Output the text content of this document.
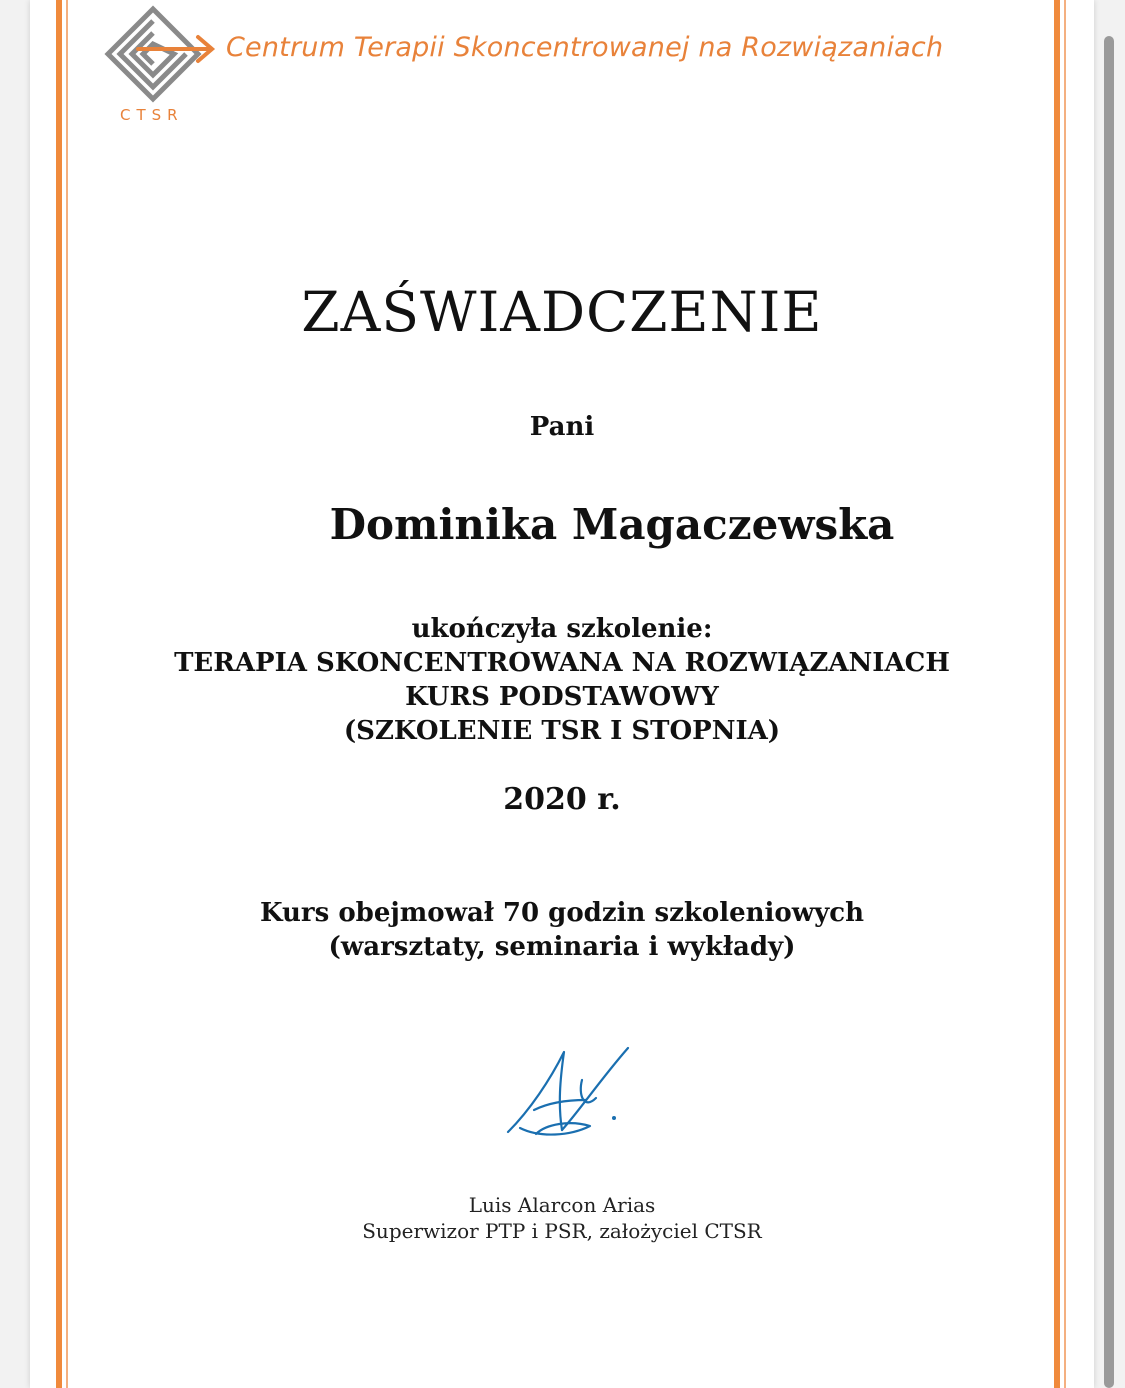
CTSR
Centrum Terapii Skoncentrowanej na Rozwiązaniach
ZAŚWIADCZENIE
Pani
Dominika Magaczewska
ukończyła szkolenie:
TERAPIA SKONCENTROWANA NA ROZWIĄZANIACH
KURS PODSTAWOWY
(SZKOLENIE TSR I STOPNIA)
2020 r.
Kurs obejmował 70 godzin szkoleniowych
(warsztaty, seminaria i wykłady)
Luis Alarcon Arias
Superwizor PTP i PSR, założyciel CTSR
